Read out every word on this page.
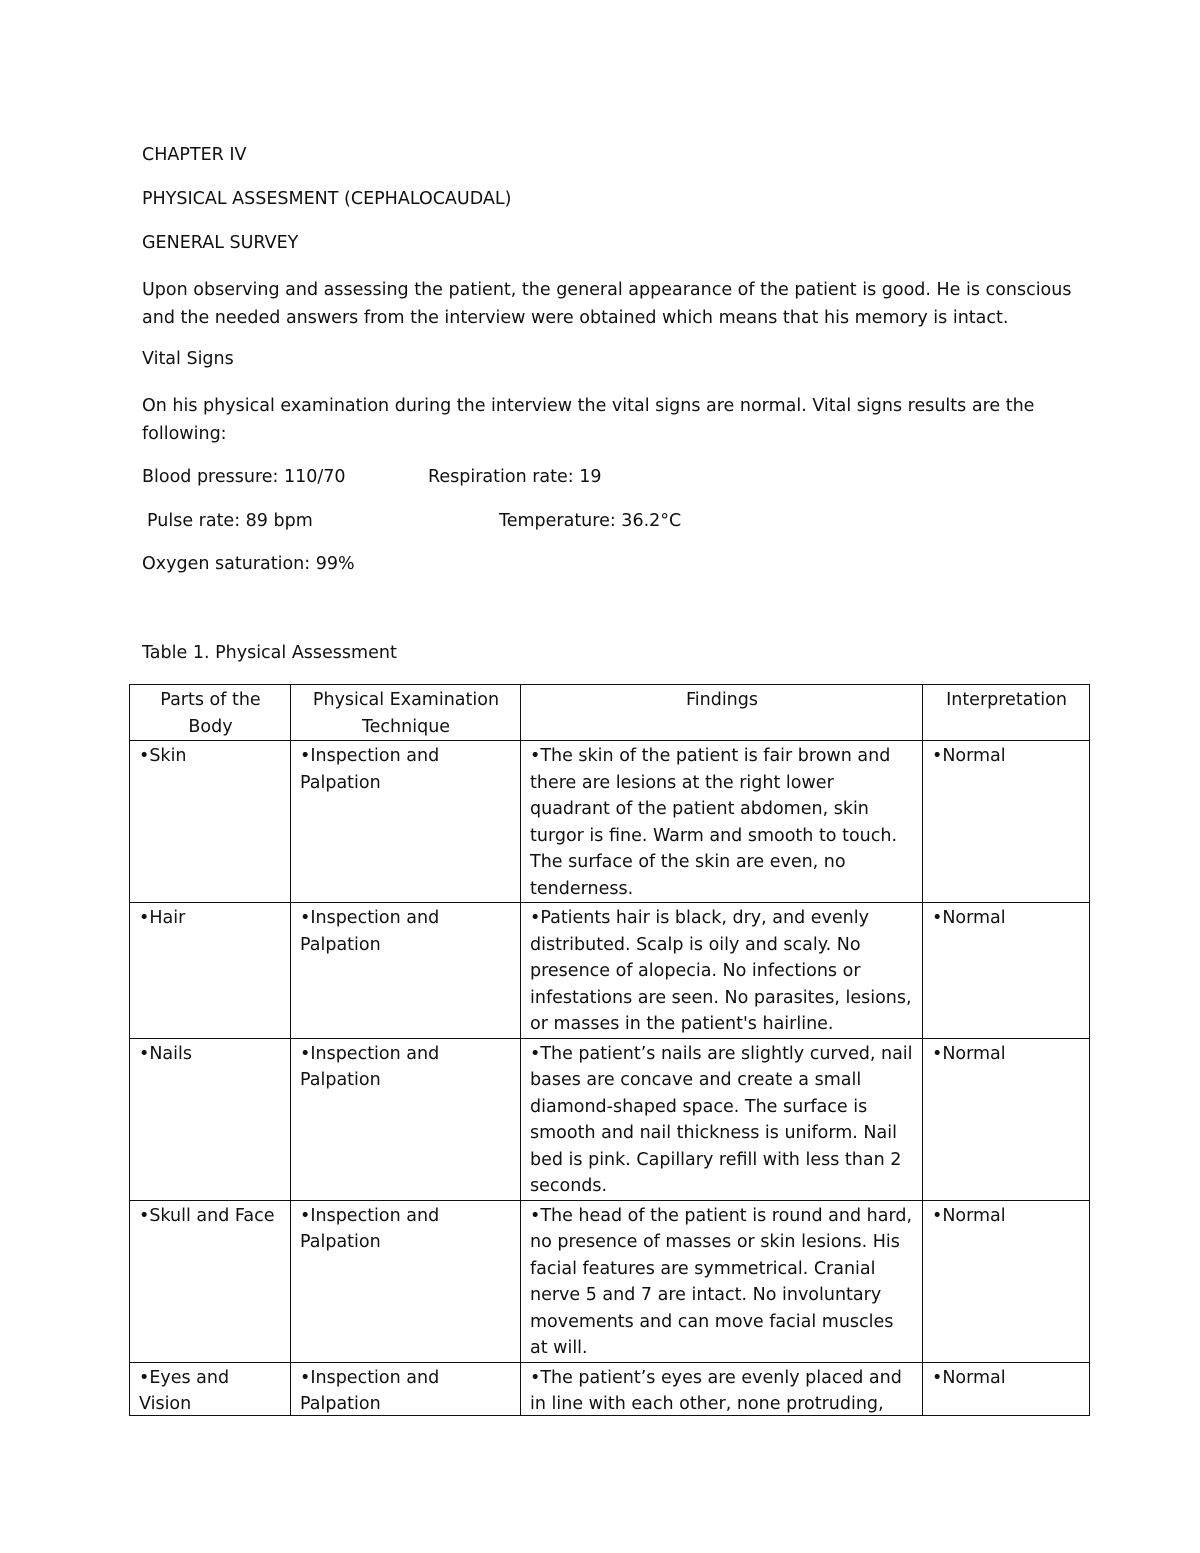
CHAPTER IV
PHYSICAL ASSESMENT (CEPHALOCAUDAL)
GENERAL SURVEY
Upon observing and assessing the patient, the general appearance of the patient is good. He is conscious and the needed answers from the interview were obtained which means that his memory is intact.
Vital Signs
On his physical examination during the interview the vital signs are normal. Vital signs results are the following:
Blood pressure: 110/70	Respiration rate: 19
Pulse rate: 89 bpm	Temperature: 36.2°C
Oxygen saturation: 99%
Table 1. Physical Assessment
Parts of the Body	Physical Examination Technique	Findings	Interpretation
•Skin	•Inspection and Palpation	•The skin of the patient is fair brown and there are lesions at the right lower quadrant of the patient abdomen, skin turgor is fine. Warm and smooth to touch. The surface of the skin are even, no tenderness.	•Normal
•Hair	•Inspection and Palpation	•Patients hair is black, dry, and evenly distributed. Scalp is oily and scaly. No presence of alopecia. No infections or infestations are seen. No parasites, lesions, or masses in the patient's hairline.	•Normal
•Nails	•Inspection and Palpation	•The patient’s nails are slightly curved, nail bases are concave and create a small diamond-shaped space. The surface is smooth and nail thickness is uniform. Nail bed is pink. Capillary refill with less than 2 seconds.	•Normal
•Skull and Face	•Inspection and Palpation	•The head of the patient is round and hard, no presence of masses or skin lesions. His facial features are symmetrical. Cranial nerve 5 and 7 are intact. No involuntary movements and can move facial muscles at will.	•Normal

•Eyes and Vision	•Inspection and Palpation	•The patient’s eyes are evenly placed and in line with each other, none protruding,	•Normal
